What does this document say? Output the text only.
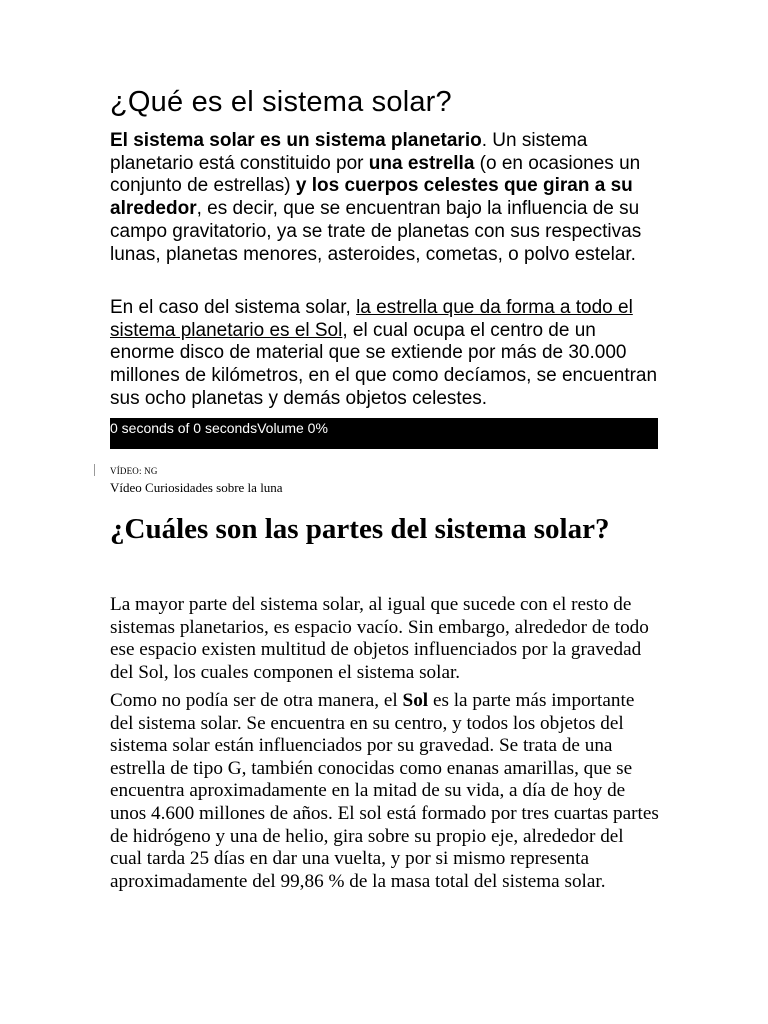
¿Qué es el sistema solar?

El sistema solar es un sistema planetario. Un sistema planetario está constituido por una estrella (o en ocasiones un conjunto de estrellas) y los cuerpos celestes que giran a su alrededor, es decir, que se encuentran bajo la influencia de su campo gravitatorio, ya se trate de planetas con sus respectivas lunas, planetas menores, asteroides, cometas, o polvo estelar.

En el caso del sistema solar, la estrella que da forma a todo el sistema planetario es el Sol, el cual ocupa el centro de un enorme disco de material que se extiende por más de 30.000 millones de kilómetros, en el que como decíamos, se encuentran sus ocho planetas y demás objetos celestes.

0 seconds of 0 secondsVolume 0%
VÍDEO: NG
Vídeo Curiosidades sobre la luna
¿Cuáles son las partes del sistema solar?

La mayor parte del sistema solar, al igual que sucede con el resto de sistemas planetarios, es espacio vacío. Sin embargo, alrededor de todo ese espacio existen multitud de objetos influenciados por la gravedad del Sol, los cuales componen el sistema solar.

Como no podía ser de otra manera, el Sol es la parte más importante del sistema solar. Se encuentra en su centro, y todos los objetos del sistema solar están influenciados por su gravedad. Se trata de una estrella de tipo G, también conocidas como enanas amarillas, que se encuentra aproximadamente en la mitad de su vida, a día de hoy de unos 4.600 millones de años. El sol está formado por tres cuartas partes de hidrógeno y una de helio, gira sobre su propio eje, alrededor del cual tarda 25 días en dar una vuelta, y por si mismo representa aproximadamente del 99,86 % de la masa total del sistema solar.
